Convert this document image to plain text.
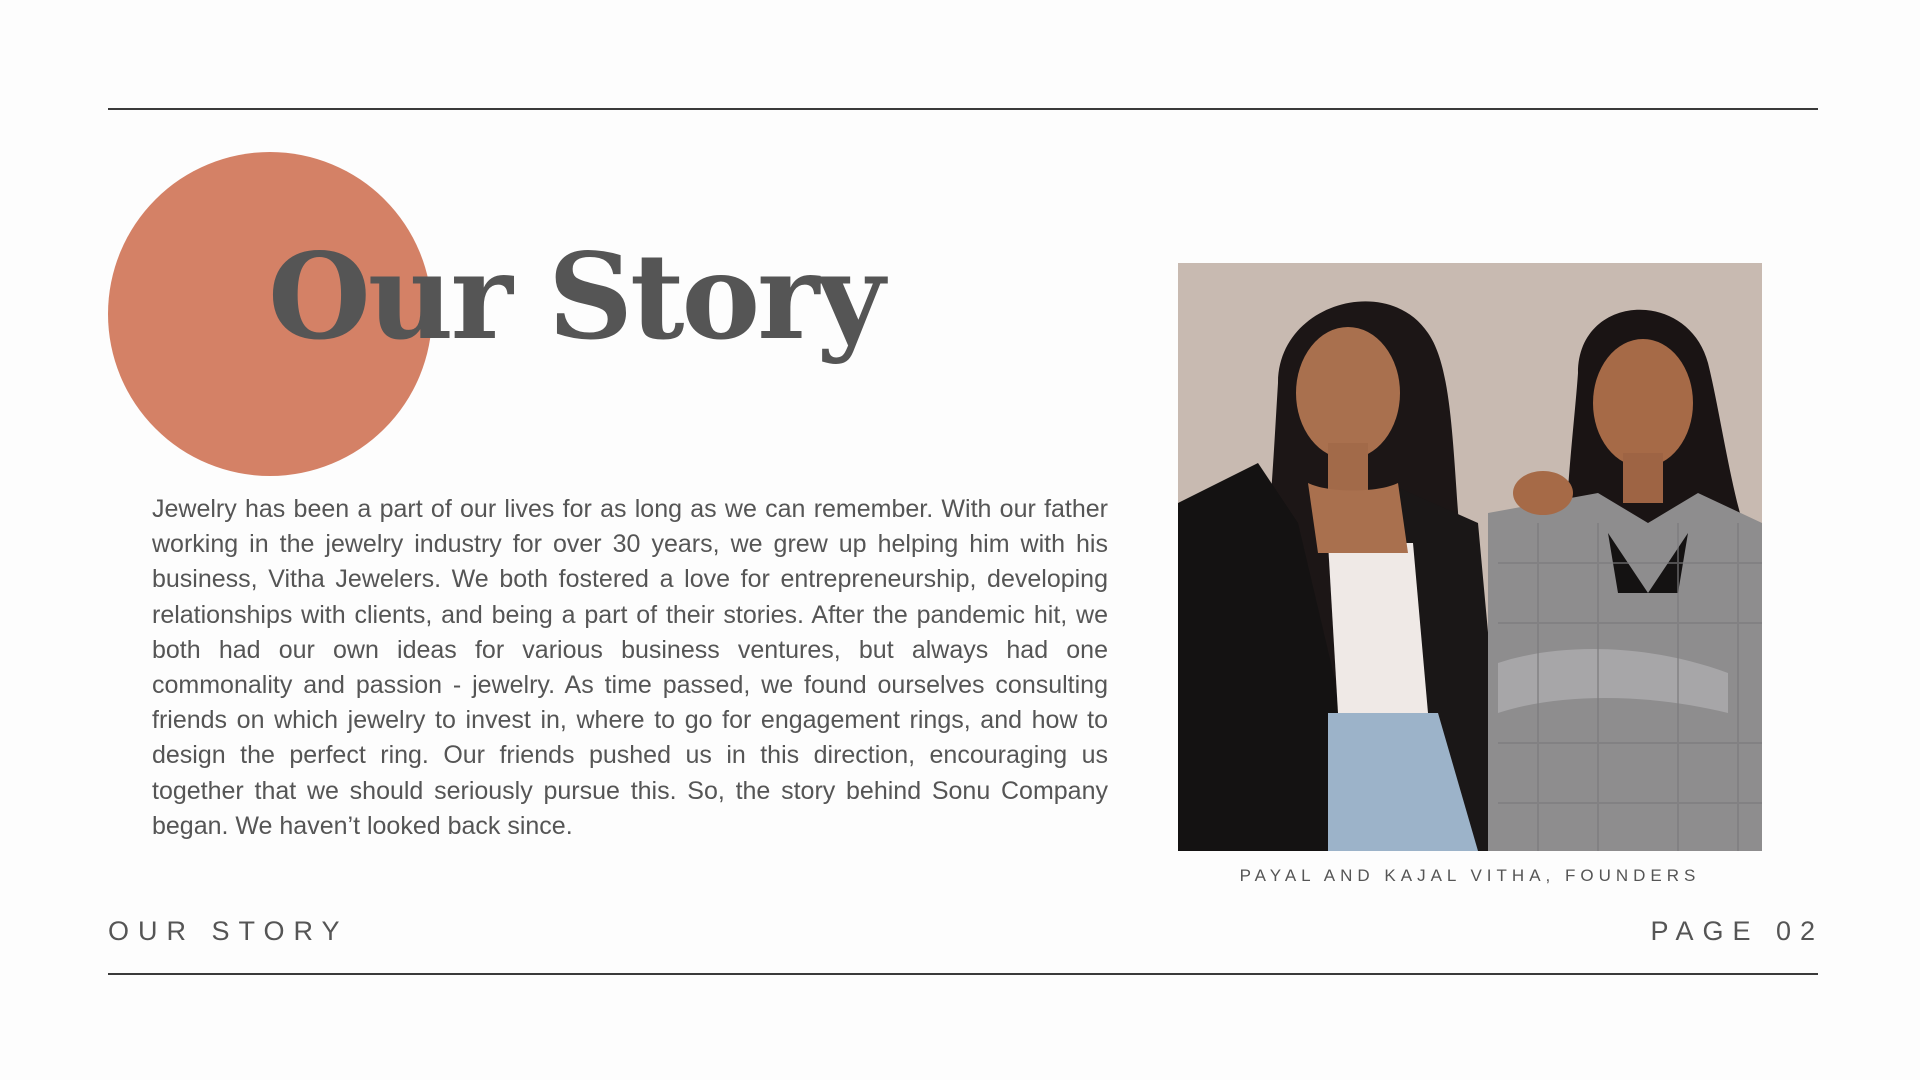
Our Story

Jewelry has been a part of our lives for as long as we can remember. With our father working in the jewelry industry for over 30 years, we grew up helping him with his business, Vitha Jewelers. We both fostered a love for entrepreneurship, developing relationships with clients, and being a part of their stories. After the pandemic hit, we both had our own ideas for various business ventures, but always had one commonality and passion - jewelry. As time passed, we found ourselves consulting friends on which jewelry to invest in, where to go for engagement rings, and how to design the perfect ring. Our friends pushed us in this direction, encouraging us together that we should seriously pursue this. So, the story behind Sonu Company began. We haven’t looked back since.

PAYAL AND KAJAL VITHA, FOUNDERS
OUR STORY	PAGE 02
